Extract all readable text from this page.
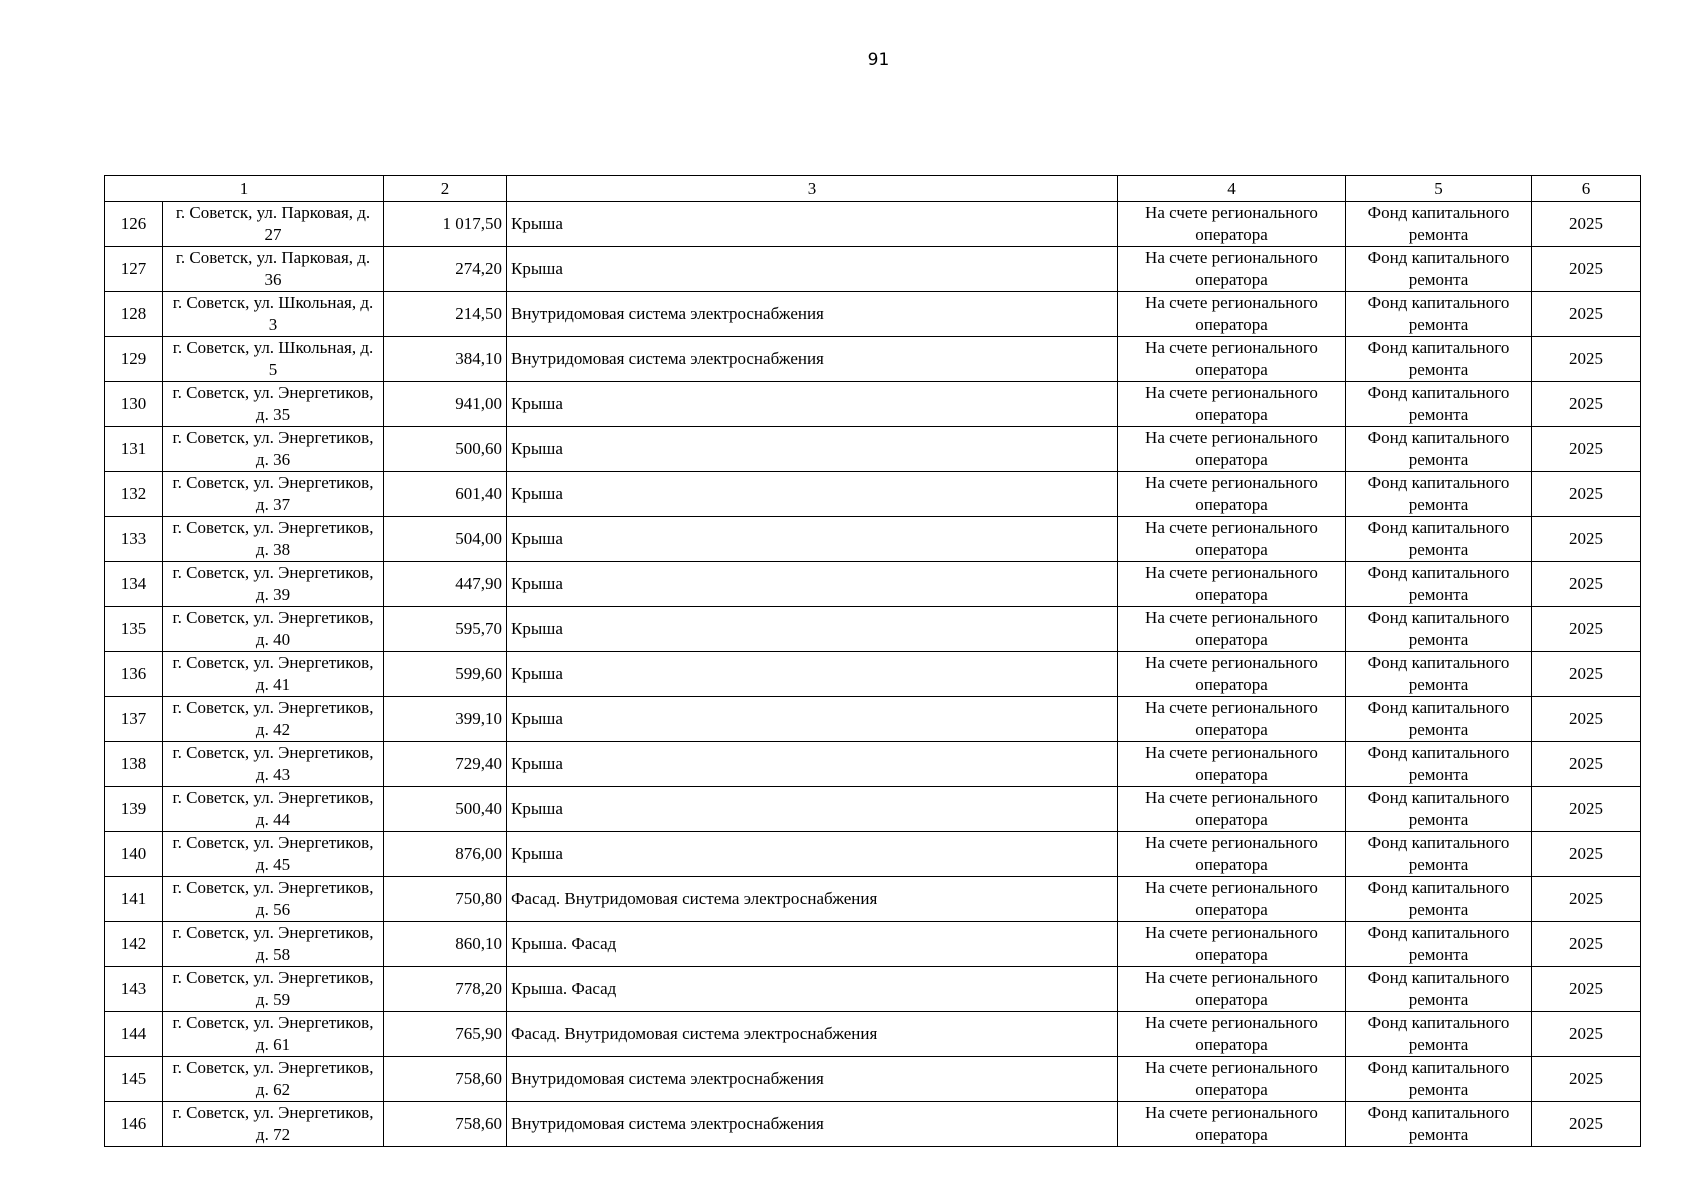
91
1		2	3	4	5	6
126	г. Советск, ул. Парковая, д. 27	1 017,50	Крыша	На счете регионального оператора	Фонд капитального ремонта	2025
127	г. Советск, ул. Парковая, д. 36	274,20	Крыша	На счете регионального оператора	Фонд капитального ремонта	2025
128	г. Советск, ул. Школьная, д. 3	214,50	Внутридомовая система электроснабжения	На счете регионального оператора	Фонд капитального ремонта	2025
129	г. Советск, ул. Школьная, д. 5	384,10	Внутридомовая система электроснабжения	На счете регионального оператора	Фонд капитального ремонта	2025
130	г. Советск, ул. Энергетиков, д. 35	941,00	Крыша	На счете регионального оператора	Фонд капитального ремонта	2025
131	г. Советск, ул. Энергетиков, д. 36	500,60	Крыша	На счете регионального оператора	Фонд капитального ремонта	2025
132	г. Советск, ул. Энергетиков, д. 37	601,40	Крыша	На счете регионального оператора	Фонд капитального ремонта	2025
133	г. Советск, ул. Энергетиков, д. 38	504,00	Крыша	На счете регионального оператора	Фонд капитального ремонта	2025
134	г. Советск, ул. Энергетиков, д. 39	447,90	Крыша	На счете регионального оператора	Фонд капитального ремонта	2025
135	г. Советск, ул. Энергетиков, д. 40	595,70	Крыша	На счете регионального оператора	Фонд капитального ремонта	2025
136	г. Советск, ул. Энергетиков, д. 41	599,60	Крыша	На счете регионального оператора	Фонд капитального ремонта	2025
137	г. Советск, ул. Энергетиков, д. 42	399,10	Крыша	На счете регионального оператора	Фонд капитального ремонта	2025
138	г. Советск, ул. Энергетиков, д. 43	729,40	Крыша	На счете регионального оператора	Фонд капитального ремонта	2025
139	г. Советск, ул. Энергетиков, д. 44	500,40	Крыша	На счете регионального оператора	Фонд капитального ремонта	2025
140	г. Советск, ул. Энергетиков, д. 45	876,00	Крыша	На счете регионального оператора	Фонд капитального ремонта	2025
141	г. Советск, ул. Энергетиков, д. 56	750,80	Фасад. Внутридомовая система электроснабжения	На счете регионального оператора	Фонд капитального ремонта	2025
142	г. Советск, ул. Энергетиков, д. 58	860,10	Крыша. Фасад	На счете регионального оператора	Фонд капитального ремонта	2025
143	г. Советск, ул. Энергетиков, д. 59	778,20	Крыша. Фасад	На счете регионального оператора	Фонд капитального ремонта	2025
144	г. Советск, ул. Энергетиков, д. 61	765,90	Фасад. Внутридомовая система электроснабжения	На счете регионального оператора	Фонд капитального ремонта	2025
145	г. Советск, ул. Энергетиков, д. 62	758,60	Внутридомовая система электроснабжения	На счете регионального оператора	Фонд капитального ремонта	2025
146	г. Советск, ул. Энергетиков, д. 72	758,60	Внутридомовая система электроснабжения	На счете регионального оператора	Фонд капитального ремонта	2025
